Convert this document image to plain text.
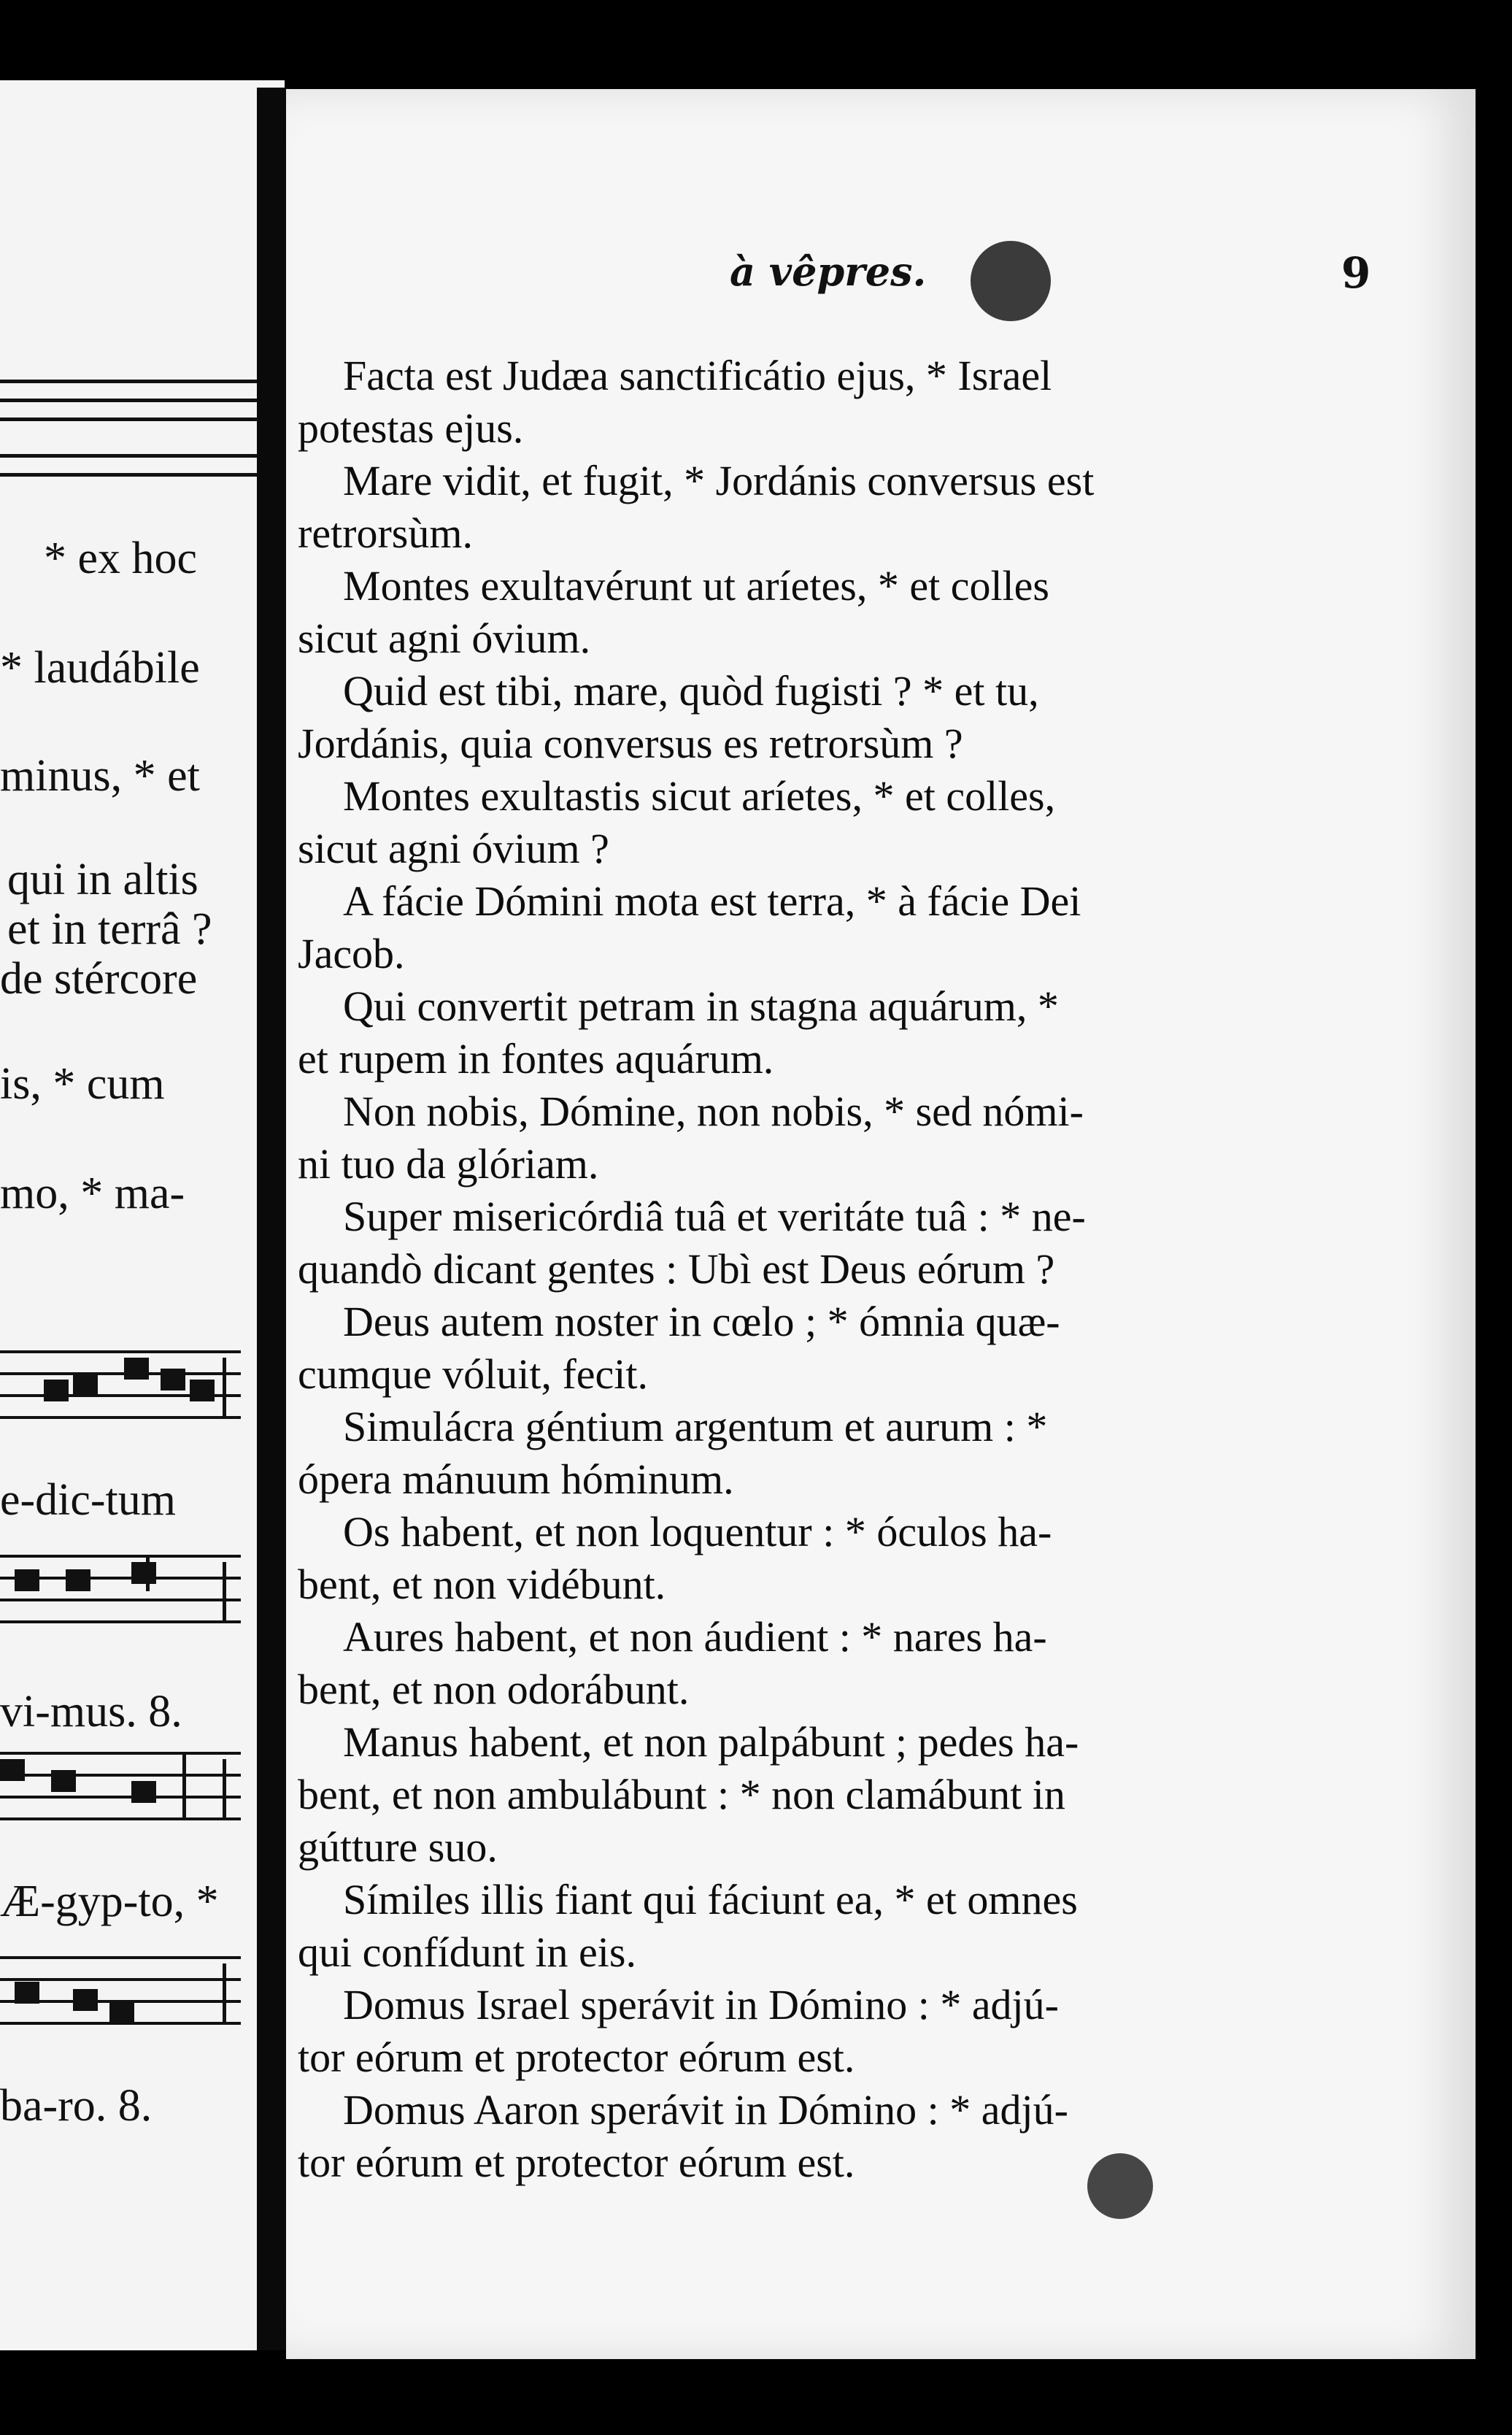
* ex hoc
* laudábile
minus, * et
qui in altis
et in terrâ ?
de stércore
is, * cum
mo, * ma-
e-dic-tum
vi-mus. 8.
Æ-gyp-to, *
ba-ro. 8.
à vêpres.	9
Facta est Judæa sanctificátio ejus, * Israel
potestas ejus.
Mare vidit, et fugit, * Jordánis conversus est
retrorsùm.
Montes exultavérunt ut aríetes, * et colles
sicut agni óvium.
Quid est tibi, mare, quòd fugisti ? * et tu,
Jordánis, quia conversus es retrorsùm ?
Montes exultastis sicut aríetes, * et colles,
sicut agni óvium ?
A fácie Dómini mota est terra, * à fácie Dei
Jacob.
Qui convertit petram in stagna aquárum, *
et rupem in fontes aquárum.
Non nobis, Dómine, non nobis, * sed nómi-
ni tuo da glóriam.
Super misericórdiâ tuâ et veritáte tuâ : * ne-
quandò dicant gentes : Ubì est Deus eórum ?
Deus autem noster in cœlo ; * ómnia quæ-
cumque vóluit, fecit.
Simulácra géntium argentum et aurum : *
ópera mánuum hóminum.
Os habent, et non loquentur : * óculos ha-
bent, et non vidébunt.
Aures habent, et non áudient : * nares ha-
bent, et non odorábunt.
Manus habent, et non palpábunt ; pedes ha-
bent, et non ambulábunt : * non clamábunt in
gútture suo.
Símiles illis fiant qui fáciunt ea, * et omnes
qui confídunt in eis.
Domus Israel sperávit in Dómino : * adjú-
tor eórum et protector eórum est.
Domus Aaron sperávit in Dómino : * adjú-
tor eórum et protector eórum est.
